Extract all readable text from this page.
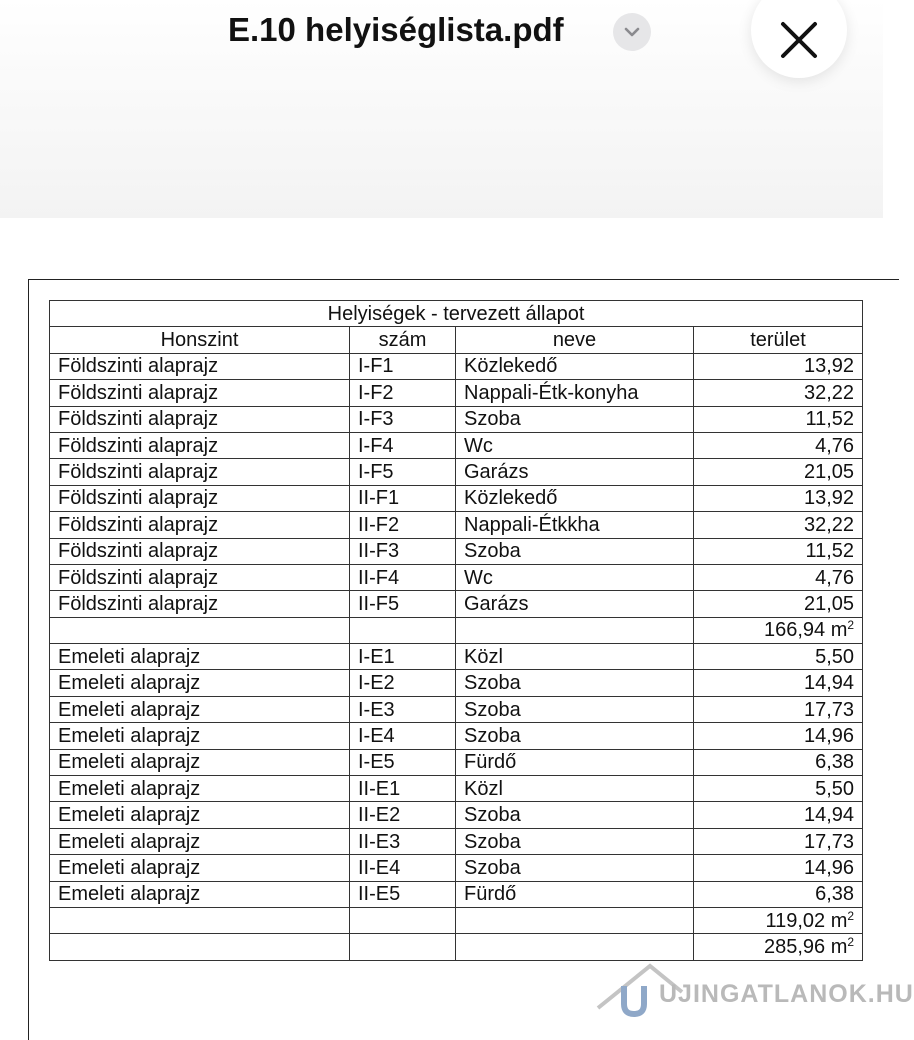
E.10 helyiséglista.pdf
Helyiségek - tervezett állapot			
Honszint	szám	neve	terület
Földszinti alaprajz	I-F1	Közlekedő	13,92
Földszinti alaprajz	I-F2	Nappali-Étk-konyha	32,22
Földszinti alaprajz	I-F3	Szoba	11,52
Földszinti alaprajz	I-F4	Wc	4,76
Földszinti alaprajz	I-F5	Garázs	21,05
Földszinti alaprajz	II-F1	Közlekedő	13,92
Földszinti alaprajz	II-F2	Nappali-Étkkha	32,22
Földszinti alaprajz	II-F3	Szoba	11,52
Földszinti alaprajz	II-F4	Wc	4,76
Földszinti alaprajz	II-F5	Garázs	21,05
			166,94 $m^2$
Emeleti alaprajz	I-E1	Közl	5,50
Emeleti alaprajz	I-E2	Szoba	14,94
Emeleti alaprajz	I-E3	Szoba	17,73
Emeleti alaprajz	I-E4	Szoba	14,96
Emeleti alaprajz	I-E5	Fürdő	6,38
Emeleti alaprajz	II-E1	Közl	5,50
Emeleti alaprajz	II-E2	Szoba	14,94
Emeleti alaprajz	II-E3	Szoba	17,73
Emeleti alaprajz	II-E4	Szoba	14,96
Emeleti alaprajz	II-E5	Fürdő	6,38
			119,02 $m^2$
			285,96 $m^2$
UJINGATLANOK.HU
